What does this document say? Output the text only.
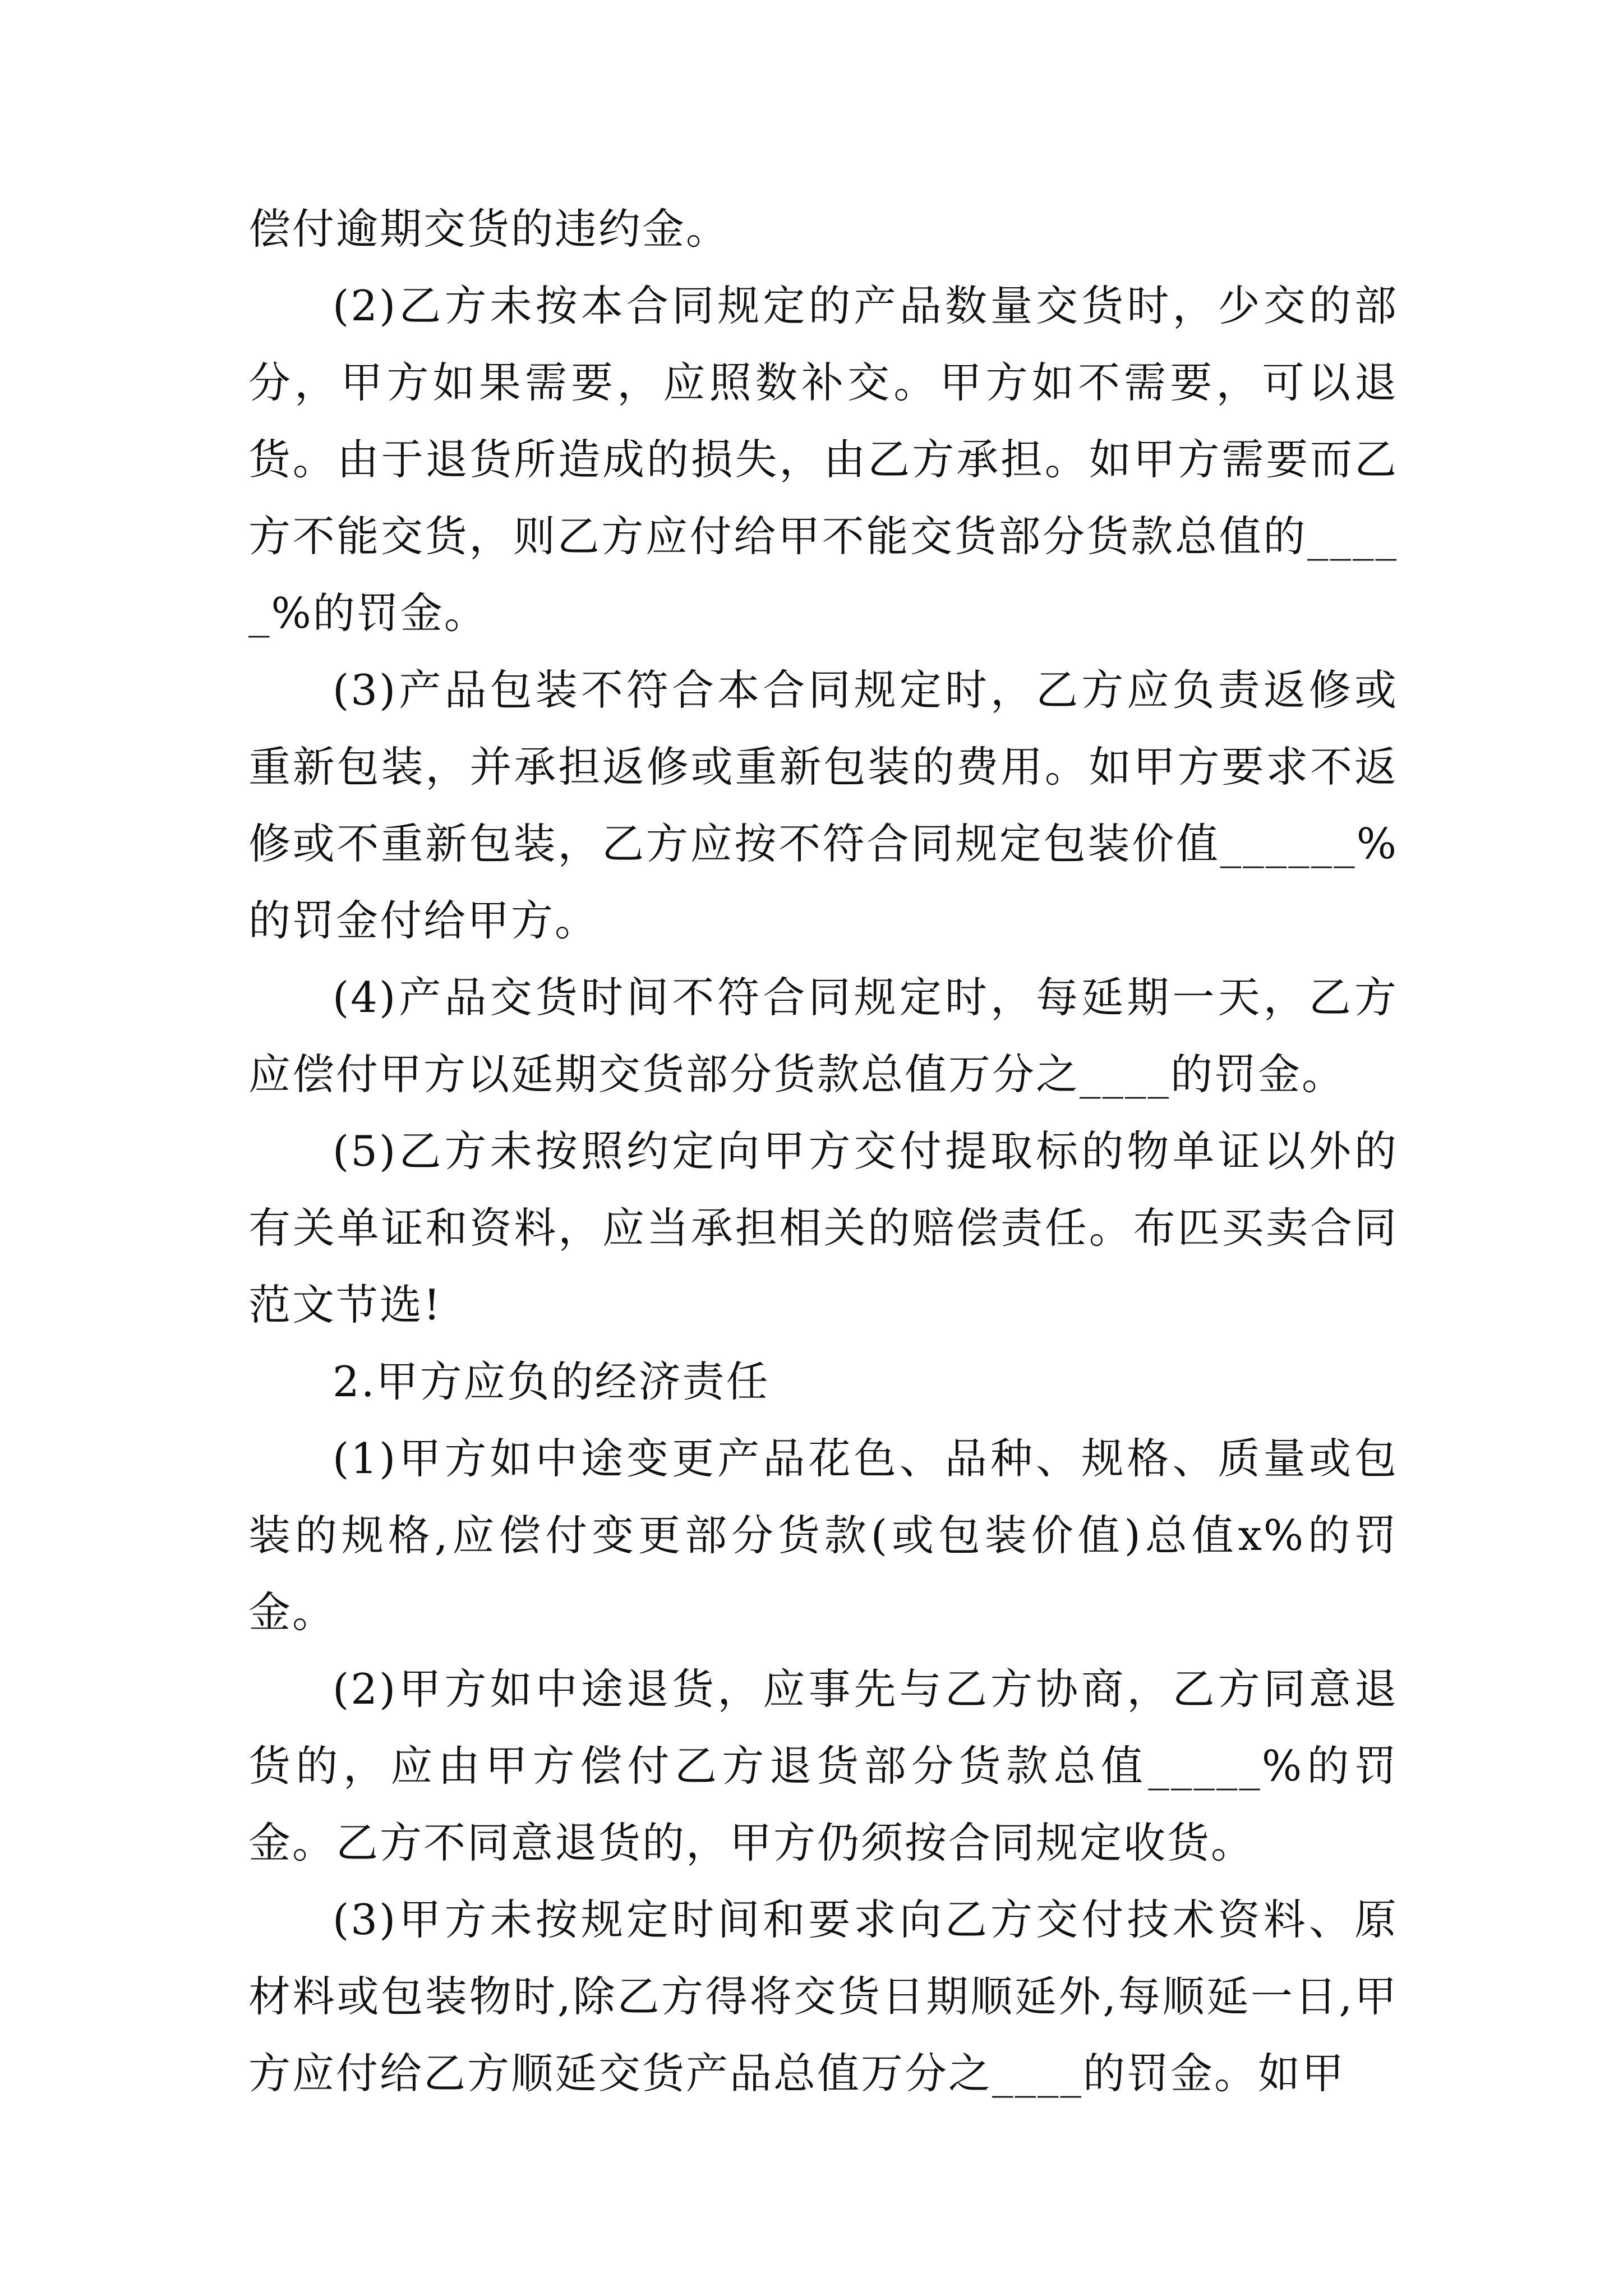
偿付逾期交货的违约金。

(2)乙方未按本合同规定的产品数量交货时，少交的部分，甲方如果需要，应照数补交。甲方如不需要，可以退货。由于退货所造成的损失，由乙方承担。如甲方需要而乙方不能交货，则乙方应付给甲不能交货部分货款总值的_____%的罚金。

(3)产品包装不符合本合同规定时，乙方应负责返修或重新包装，并承担返修或重新包装的费用。如甲方要求不返修或不重新包装，乙方应按不符合同规定包装价值______%的罚金付给甲方。

(4)产品交货时间不符合同规定时，每延期一天，乙方应偿付甲方以延期交货部分货款总值万分之____的罚金。

(5)乙方未按照约定向甲方交付提取标的物单证以外的有关单证和资料，应当承担相关的赔偿责任。布匹买卖合同范文节选!

2.甲方应负的经济责任

(1)甲方如中途变更产品花色、品种、规格、质量或包装的规格,应偿付变更部分货款(或包装价值)总值x%的罚金。

(2)甲方如中途退货，应事先与乙方协商，乙方同意退货的，应由甲方偿付乙方退货部分货款总值_____%的罚金。乙方不同意退货的，甲方仍须按合同规定收货。

(3)甲方未按规定时间和要求向乙方交付技术资料、原材料或包装物时,除乙方得将交货日期顺延外,每顺延一日,甲方应付给乙方顺延交货产品总值万分之____的罚金。如甲
